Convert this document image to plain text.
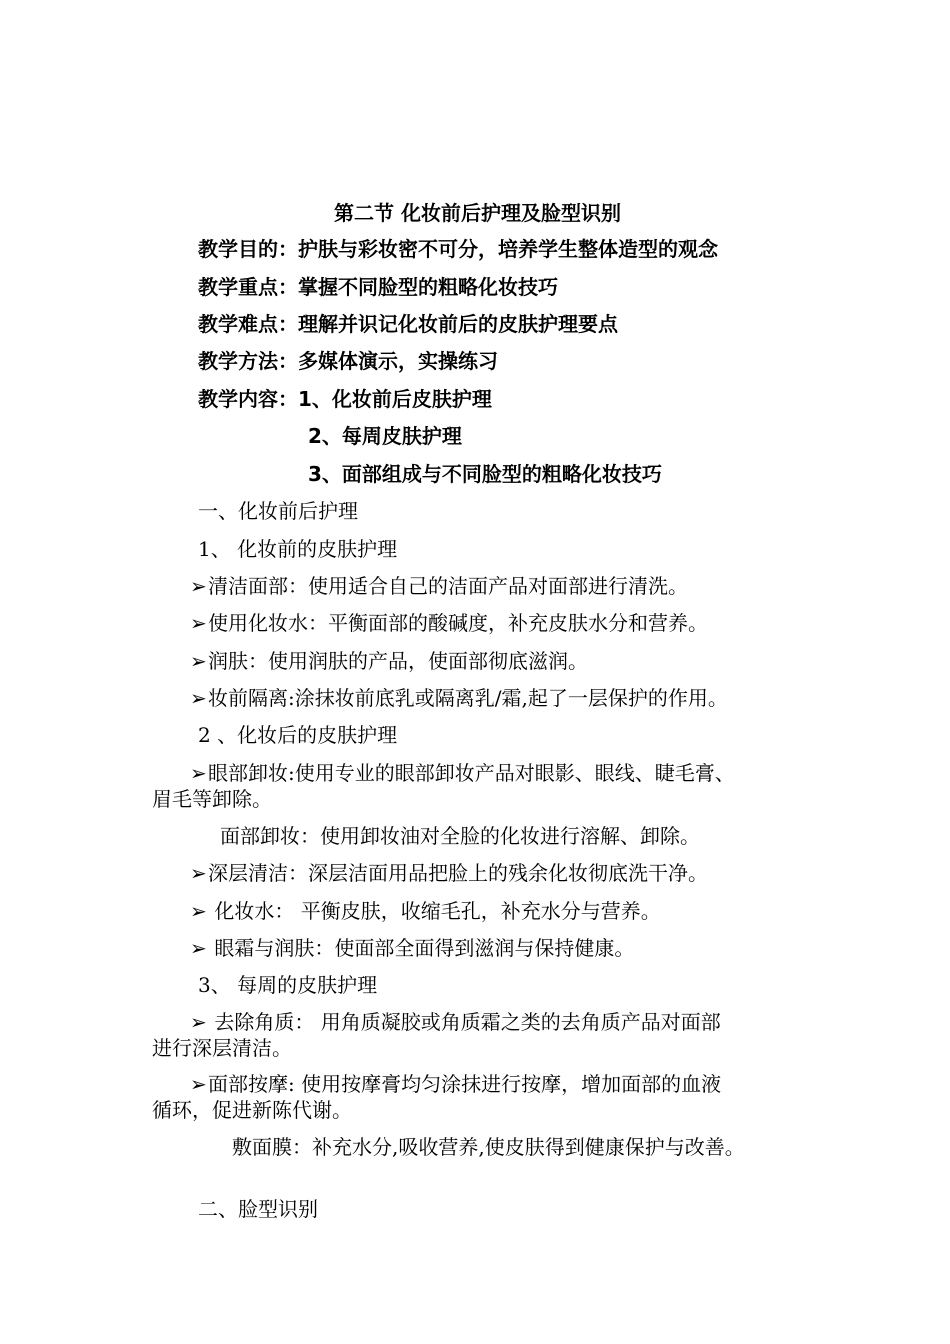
第二节 化妆前后护理及脸型识别
教学目的：护肤与彩妆密不可分，培养学生整体造型的观念
教学重点：掌握不同脸型的粗略化妆技巧
教学难点：理解并识记化妆前后的皮肤护理要点
教学方法：多媒体演示，实操练习
教学内容：1、化妆前后皮肤护理
2、每周皮肤护理
3、面部组成与不同脸型的粗略化妆技巧
一、化妆前后护理
1、 化妆前的皮肤护理
➢清洁面部：使用适合自己的洁面产品对面部进行清洗。
➢使用化妆水：平衡面部的酸碱度，补充皮肤水分和营养。
➢润肤：使用润肤的产品，使面部彻底滋润。
➢妆前隔离:涂抹妆前底乳或隔离乳/霜,起了一层保护的作用。
2 、化妆后的皮肤护理
➢眼部卸妆:使用专业的眼部卸妆产品对眼影、眼线、睫毛膏、
眉毛等卸除。
面部卸妆：使用卸妆油对全脸的化妆进行溶解、卸除。
➢深层清洁：深层洁面用品把脸上的残余化妆彻底洗干净。
➢ 化妆水： 平衡皮肤，收缩毛孔，补充水分与营养。
➢ 眼霜与润肤：使面部全面得到滋润与保持健康。
3、 每周的皮肤护理
➢ 去除角质： 用角质凝胶或角质霜之类的去角质产品对面部
进行深层清洁。
➢面部按摩: 使用按摩膏均匀涂抹进行按摩，增加面部的血液
循环，促进新陈代谢。
敷面膜：补充水分,吸收营养,使皮肤得到健康保护与改善。
二、脸型识别
